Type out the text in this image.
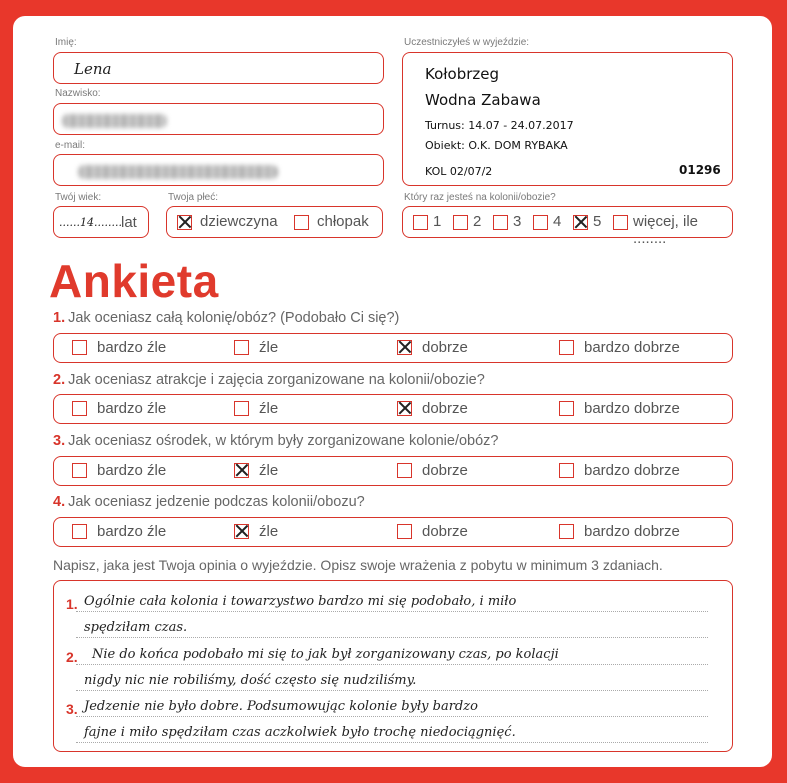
Imię:
Lena
Nazwisko:
e-mail:
Twój wiek:
......14........ lat
Twoja płeć:
dziewczyna	chłopak
Uczestniczyłeś w wyjeździe:
Kołobrzeg
Wodna Zabawa
Turnus: 14.07 - 24.07.2017
Obiekt: O.K. DOM RYBAKA
KOL 02/07/2	01296
Który raz jesteś na kolonii/obozie?
1 2 3 4 5 więcej, ile ........
Ankieta
1. Jak oceniasz całą kolonię/obóz? (Podobało Ci się?)
bardzo źle	źle	dobrze	bardzo dobrze
2. Jak oceniasz atrakcje i zajęcia zorganizowane na kolonii/obozie?
bardzo źle	źle	dobrze	bardzo dobrze
3. Jak oceniasz ośrodek, w którym były zorganizowane kolonie/obóz?
bardzo źle	źle	dobrze	bardzo dobrze
4. Jak oceniasz jedzenie podczas kolonii/obozu?
bardzo źle	źle	dobrze	bardzo dobrze
Napisz, jaka jest Twoja opinia o wyjeździe. Opisz swoje wrażenia z pobytu w minimum 3 zdaniach.
1.
2.
3.
Ogólnie cała kolonia i towarzystwo bardzo mi się podobało, i miło
spędziłam czas.
Nie do końca podobało mi się to jak był zorganizowany czas, po kolacji
nigdy nic nie robiliśmy, dość często się nudziliśmy.
Jedzenie nie było dobre. Podsumowując kolonie były bardzo
fajne i miło spędziłam czas aczkolwiek było trochę niedociągnięć.
